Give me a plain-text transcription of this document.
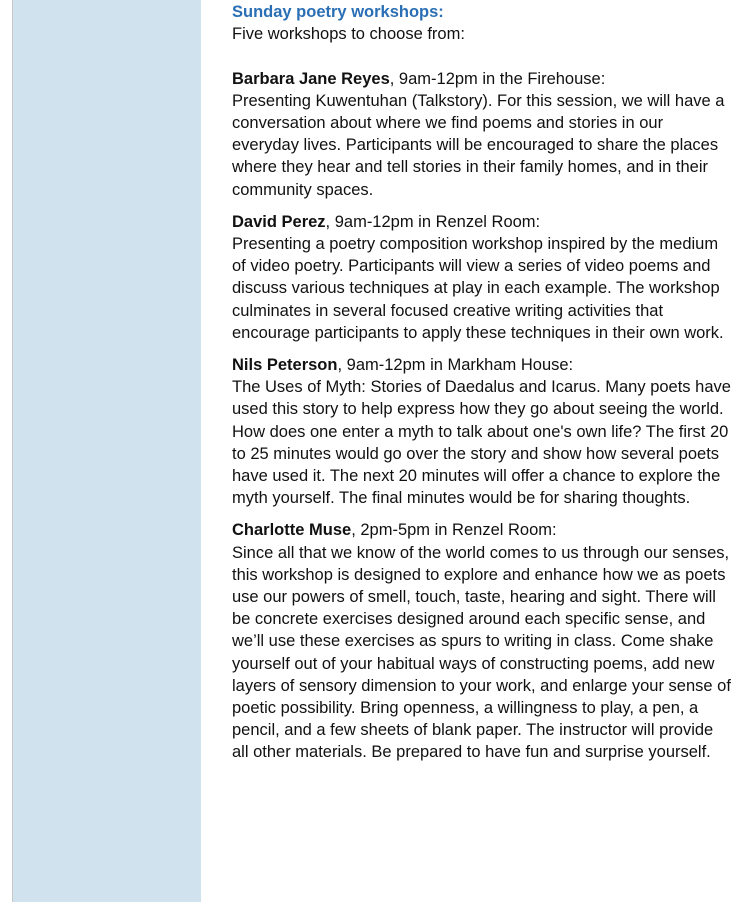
Sunday poetry workshops:
Five workshops to choose from:
Barbara Jane Reyes, 9am-12pm in the Firehouse:
Presenting Kuwentuhan (Talkstory). For this session, we will have a conversation about where we find poems and stories in our everyday lives. Participants will be encouraged to share the places where they hear and tell stories in their family homes, and in their community spaces.
David Perez, 9am-12pm in Renzel Room:
Presenting a poetry composition workshop inspired by the medium of video poetry. Participants will view a series of video poems and discuss various techniques at play in each example. The workshop culminates in several focused creative writing activities that encourage participants to apply these techniques in their own work.
Nils Peterson, 9am-12pm in Markham House:
The Uses of Myth: Stories of Daedalus and Icarus. Many poets have used this story to help express how they go about seeing the world. How does one enter a myth to talk about one's own life? The first 20 to 25 minutes would go over the story and show how several poets have used it. The next 20 minutes will offer a chance to explore the myth yourself. The final minutes would be for sharing thoughts.
Charlotte Muse, 2pm-5pm in Renzel Room:
Since all that we know of the world comes to us through our senses, this workshop is designed to explore and enhance how we as poets use our powers of smell, touch, taste, hearing and sight. There will be concrete exercises designed around each specific sense, and we’ll use these exercises as spurs to writing in class. Come shake yourself out of your habitual ways of constructing poems, add new layers of sensory dimension to your work, and enlarge your sense of poetic possibility. Bring openness, a willingness to play, a pen, a pencil, and a few sheets of blank paper. The instructor will provide all other materials. Be prepared to have fun and surprise yourself.
